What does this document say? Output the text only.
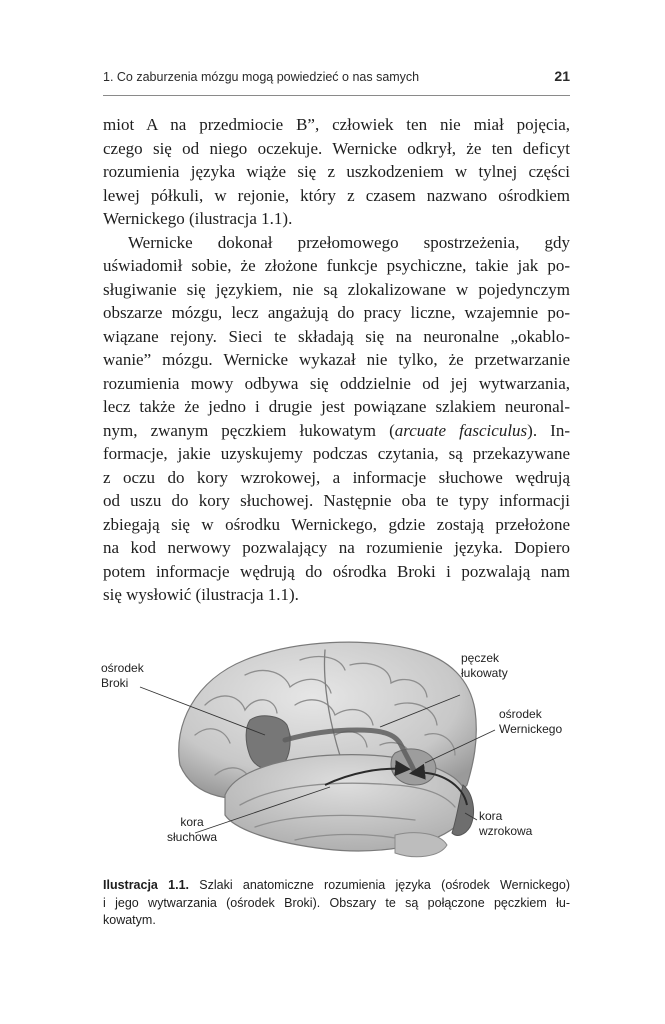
1. Co zaburzenia mózgu mogą powiedzieć o nas samych	21
miot A na przedmiocie B”, człowiek ten nie miał pojęcia,
czego się od niego oczekuje. Wernicke odkrył, że ten deficyt
rozumienia języka wiąże się z uszkodzeniem w tylnej części
lewej półkuli, w rejonie, który z czasem nazwano ośrodkiem
Wernickego (ilustracja 1.1).
Wernicke dokonał przełomowego spostrzeżenia, gdy
uświadomił sobie, że złożone funkcje psychiczne, takie jak po-
sługiwanie się językiem, nie są zlokalizowane w pojedynczym
obszarze mózgu, lecz angażują do pracy liczne, wzajemnie po-
wiązane rejony. Sieci te składają się na neuronalne „okablo-
wanie” mózgu. Wernicke wykazał nie tylko, że przetwarzanie
rozumienia mowy odbywa się oddzielnie od jej wytwarzania,
lecz także że jedno i drugie jest powiązane szlakiem neuronal-
nym, zwanym pęczkiem łukowatym (arcuate fasciculus). In-
formacje, jakie uzyskujemy podczas czytania, są przekazywane
z oczu do kory wzrokowej, a informacje słuchowe wędrują
od uszu do kory słuchowej. Następnie oba te typy informacji
zbiegają się w ośrodku Wernickego, gdzie zostają przełożone
na kod nerwowy pozwalający na rozumienie języka. Dopiero
potem informacje wędrują do ośrodka Broki i pozwalają nam
się wysłowić (ilustracja 1.1).
ośrodek
Broki
pęczek
łukowaty
ośrodek
Wernickego
kora
słuchowa
kora
wzrokowa
Ilustracja 1.1. Szlaki anatomiczne rozumienia języka (ośrodek Wernickego)
i jego wytwarzania (ośrodek Broki). Obszary te są połączone pęczkiem łu-
kowatym.
